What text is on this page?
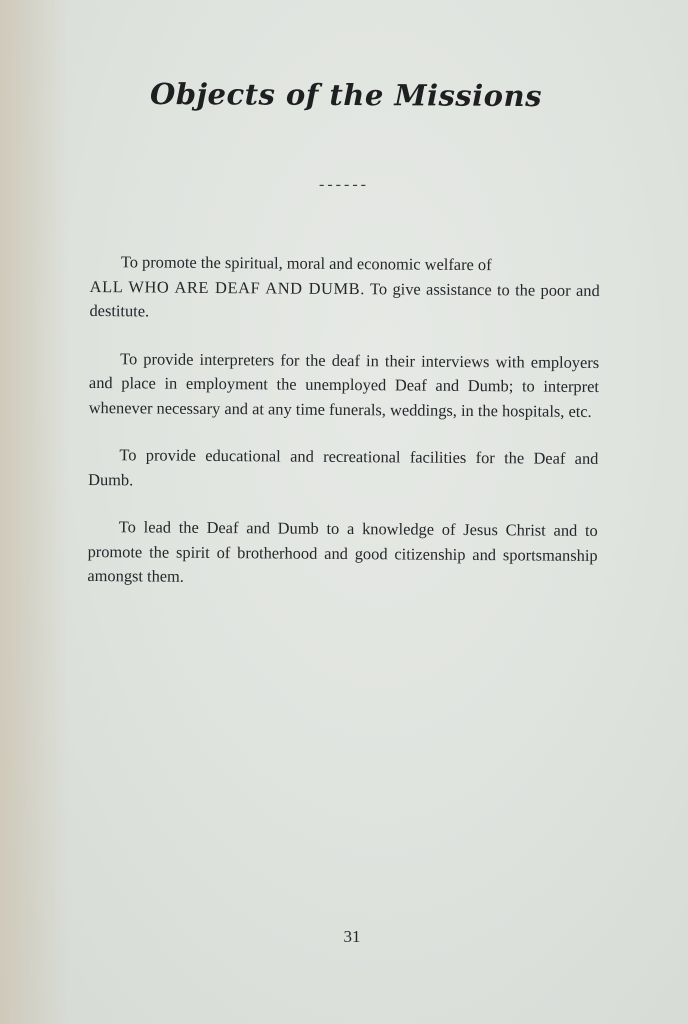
Objects of the Missions
------

To promote the spiritual, moral and economic welfare of
ALL WHO ARE DEAF AND DUMB. To give assistance to the poor and destitute.

To provide interpreters for the deaf in their interviews with employers and place in employment the unemployed Deaf and Dumb; to interpret whenever necessary and at any time funerals, weddings, in the hospitals, etc.

To provide educational and recreational facilities for the Deaf and Dumb.

To lead the Deaf and Dumb to a knowledge of Jesus Christ and to promote the spirit of brotherhood and good citizenship and sportsmanship amongst them.

31
